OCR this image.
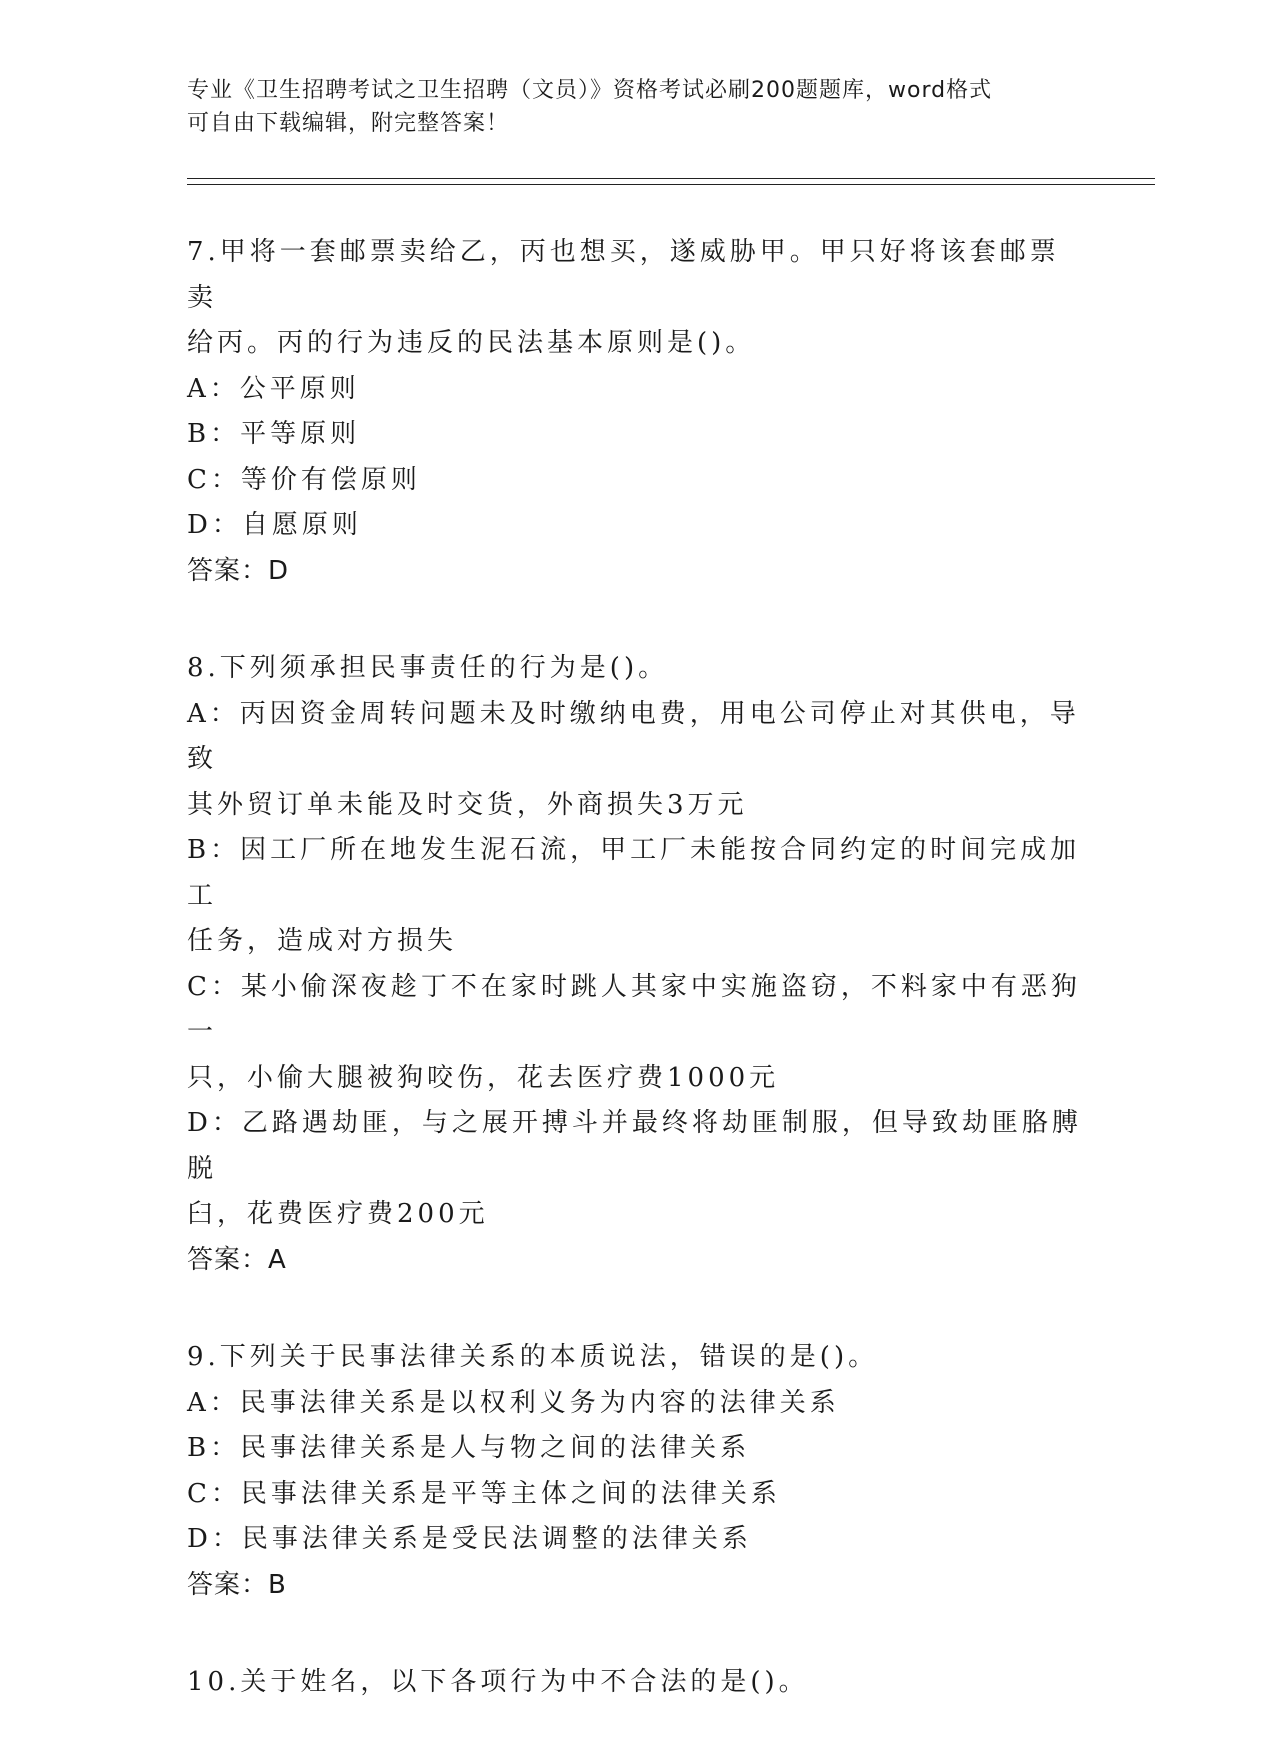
专业《卫生招聘考试之卫生招聘（文员）》资格考试必刷200题题库，word格式
可自由下载编辑，附完整答案！

7.甲将一套邮票卖给乙，丙也想买，遂威胁甲。甲只好将该套邮票卖

给丙。丙的行为违反的民法基本原则是()。

A：公平原则

B：平等原则

C：等价有偿原则

D：自愿原则

答案：D

8.下列须承担民事责任的行为是()。

A：丙因资金周转问题未及时缴纳电费，用电公司停止对其供电，导致

其外贸订单未能及时交货，外商损失3万元

B：因工厂所在地发生泥石流，甲工厂未能按合同约定的时间完成加工

任务，造成对方损失

C：某小偷深夜趁丁不在家时跳人其家中实施盗窃，不料家中有恶狗一

只，小偷大腿被狗咬伤，花去医疗费1000元

D：乙路遇劫匪，与之展开搏斗并最终将劫匪制服，但导致劫匪胳膊脱

臼，花费医疗费200元

答案：A

9.下列关于民事法律关系的本质说法，错误的是()。

A：民事法律关系是以权利义务为内容的法律关系

B：民事法律关系是人与物之间的法律关系

C：民事法律关系是平等主体之间的法律关系

D：民事法律关系是受民法调整的法律关系

答案：B

10.关于姓名，以下各项行为中不合法的是()。
